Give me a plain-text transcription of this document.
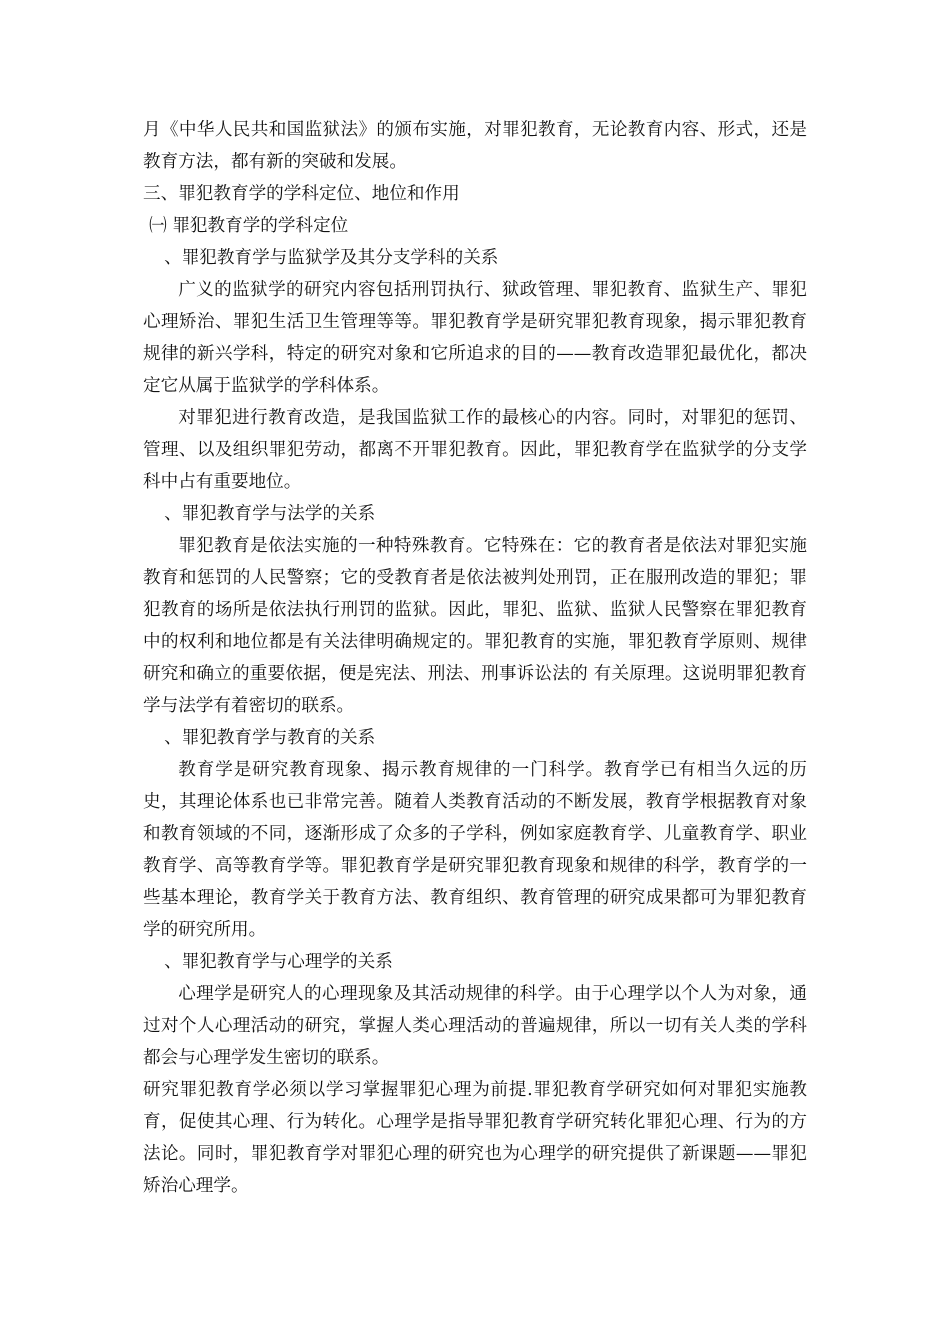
月《中华人民共和国监狱法》的颁布实施，对罪犯教育，无论教育内容、形式，还是教育方法，都有新的突破和发展。

三、罪犯教育学的学科定位、地位和作用

㈠ 罪犯教育学的学科定位

、罪犯教育学与监狱学及其分支学科的关系

广义的监狱学的研究内容包括刑罚执行、狱政管理、罪犯教育、监狱生产、罪犯心理矫治、罪犯生活卫生管理等等。罪犯教育学是研究罪犯教育现象，揭示罪犯教育规律的新兴学科，特定的研究对象和它所追求的目的——教育改造罪犯最优化，都决定它从属于监狱学的学科体系。

对罪犯进行教育改造，是我国监狱工作的最核心的内容。同时，对罪犯的惩罚、管理、以及组织罪犯劳动，都离不开罪犯教育。因此，罪犯教育学在监狱学的分支学科中占有重要地位。

、罪犯教育学与法学的关系

罪犯教育是依法实施的一种特殊教育。它特殊在：它的教育者是依法对罪犯实施教育和惩罚的人民警察；它的受教育者是依法被判处刑罚，正在服刑改造的罪犯；罪犯教育的场所是依法执行刑罚的监狱。因此，罪犯、监狱、监狱人民警察在罪犯教育中的权利和地位都是有关法律明确规定的。罪犯教育的实施，罪犯教育学原则、规律研究和确立的重要依据，便是宪法、刑法、刑事诉讼法的 有关原理。这说明罪犯教育学与法学有着密切的联系。

、罪犯教育学与教育的关系

教育学是研究教育现象、揭示教育规律的一门科学。教育学已有相当久远的历史，其理论体系也已非常完善。随着人类教育活动的不断发展，教育学根据教育对象和教育领域的不同，逐渐形成了众多的子学科，例如家庭教育学、儿童教育学、职业教育学、高等教育学等。罪犯教育学是研究罪犯教育现象和规律的科学，教育学的一些基本理论，教育学关于教育方法、教育组织、教育管理的研究成果都可为罪犯教育学的研究所用。

、罪犯教育学与心理学的关系

心理学是研究人的心理现象及其活动规律的科学。由于心理学以个人为对象，通过对个人心理活动的研究，掌握人类心理活动的普遍规律，所以一切有关人类的学科都会与心理学发生密切的联系。

研究罪犯教育学必须以学习掌握罪犯心理为前提.罪犯教育学研究如何对罪犯实施教育，促使其心理、行为转化。心理学是指导罪犯教育学研究转化罪犯心理、行为的方法论。同时，罪犯教育学对罪犯心理的研究也为心理学的研究提供了新课题——罪犯矫治心理学。
